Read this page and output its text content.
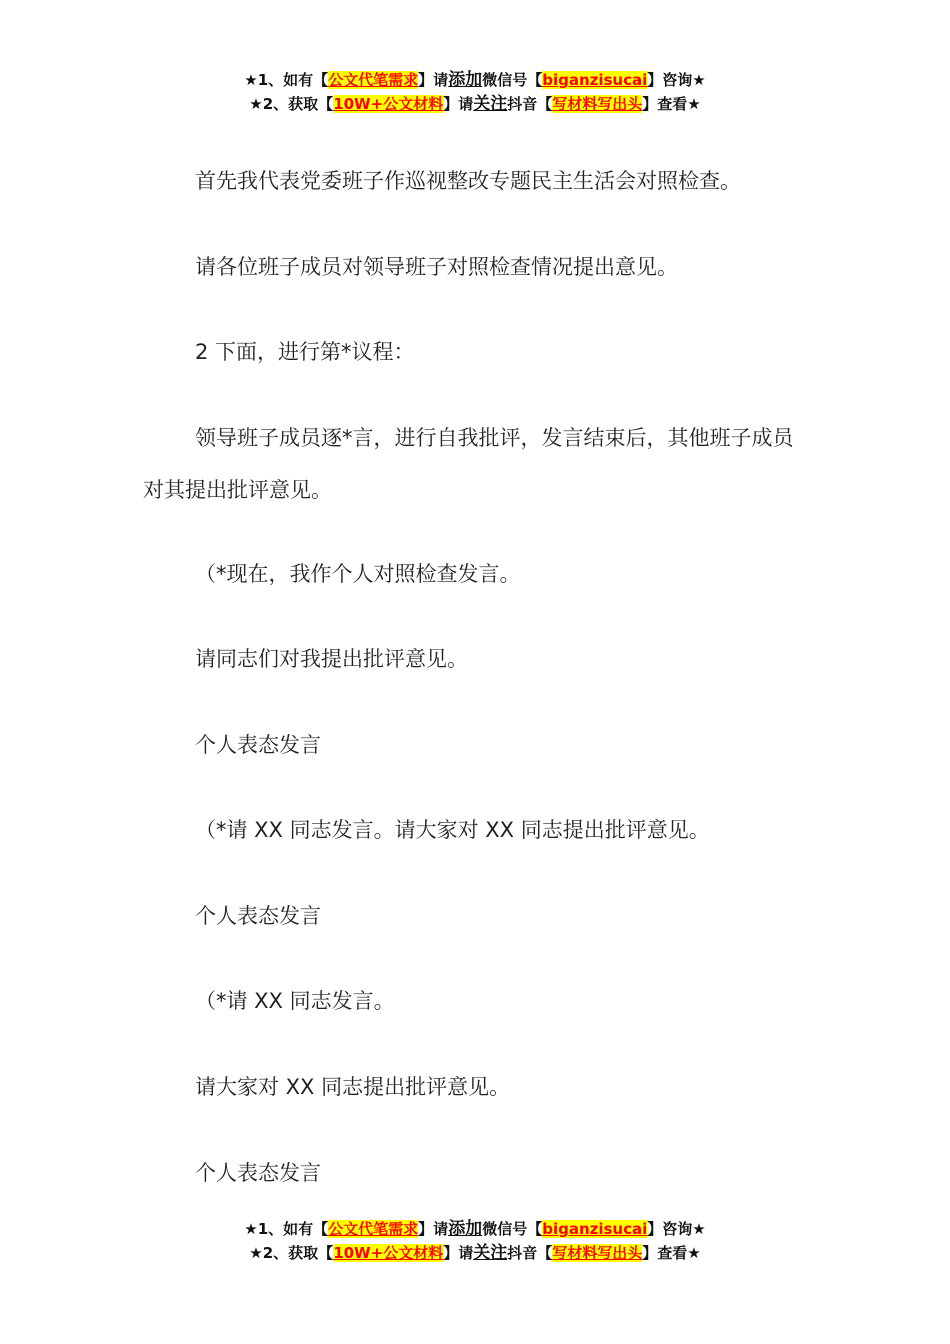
★1、如有【公文代笔需求】请添加微信号【biganzisucai】咨询★
★2、获取【10W+公文材料】请关注抖音【写材料写出头】查看★

首先我代表党委班子作巡视整改专题民主生活会对照检查。

请各位班子成员对领导班子对照检查情况提出意见。

2 下面，进行第*议程：

领导班子成员逐*言，进行自我批评，发言结束后，其他班子成员对其提出批评意见。

（*现在，我作个人对照检查发言。

请同志们对我提出批评意见。

个人表态发言

（*请 XX 同志发言。请大家对 XX 同志提出批评意见。

个人表态发言

（*请 XX 同志发言。

请大家对 XX 同志提出批评意见。

个人表态发言

★1、如有【公文代笔需求】请添加微信号【biganzisucai】咨询★
★2、获取【10W+公文材料】请关注抖音【写材料写出头】查看★
